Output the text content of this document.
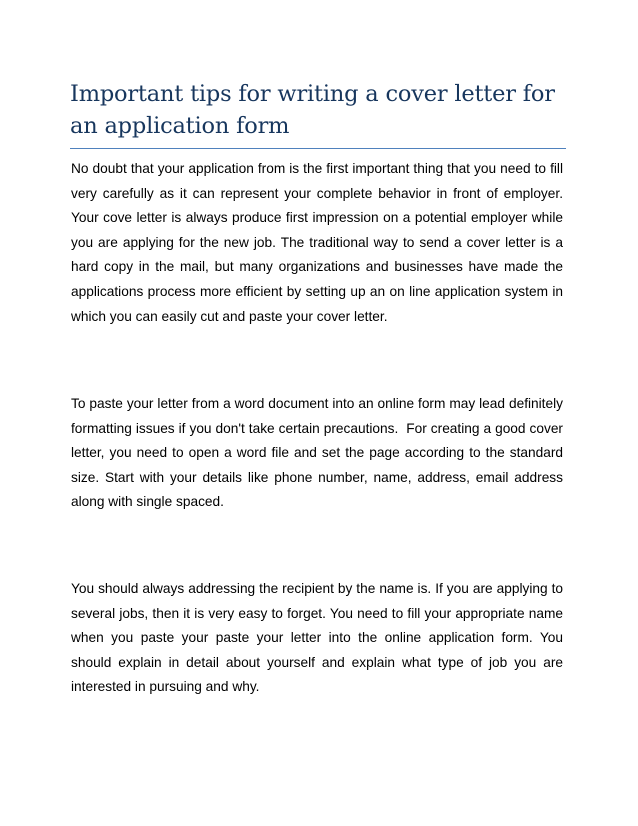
Important tips for writing a cover letter for an application form

No doubt that your application from is the first important thing that you need to fill very carefully as it can represent your complete behavior in front of employer.  Your cove letter is always produce first impression on a potential employer while you are applying for the new job. The traditional way to send a cover letter is a hard copy in the mail, but many organizations and businesses have made the applications process more efficient by setting up an on line application system in which you can easily cut and paste your cover letter.

To paste your letter from a word document into an online form may lead definitely formatting issues if you don't take certain precautions.  For creating a good cover letter, you need to open a word file and set the page according to the standard size. Start with your details like phone number, name, address, email address along with single spaced.

You should always addressing the recipient by the name is. If you are applying to several jobs, then it is very easy to forget. You need to fill your appropriate name when you paste your paste your letter into the online application form. You should explain in detail about yourself and explain what type of job you are interested in pursuing and why.
